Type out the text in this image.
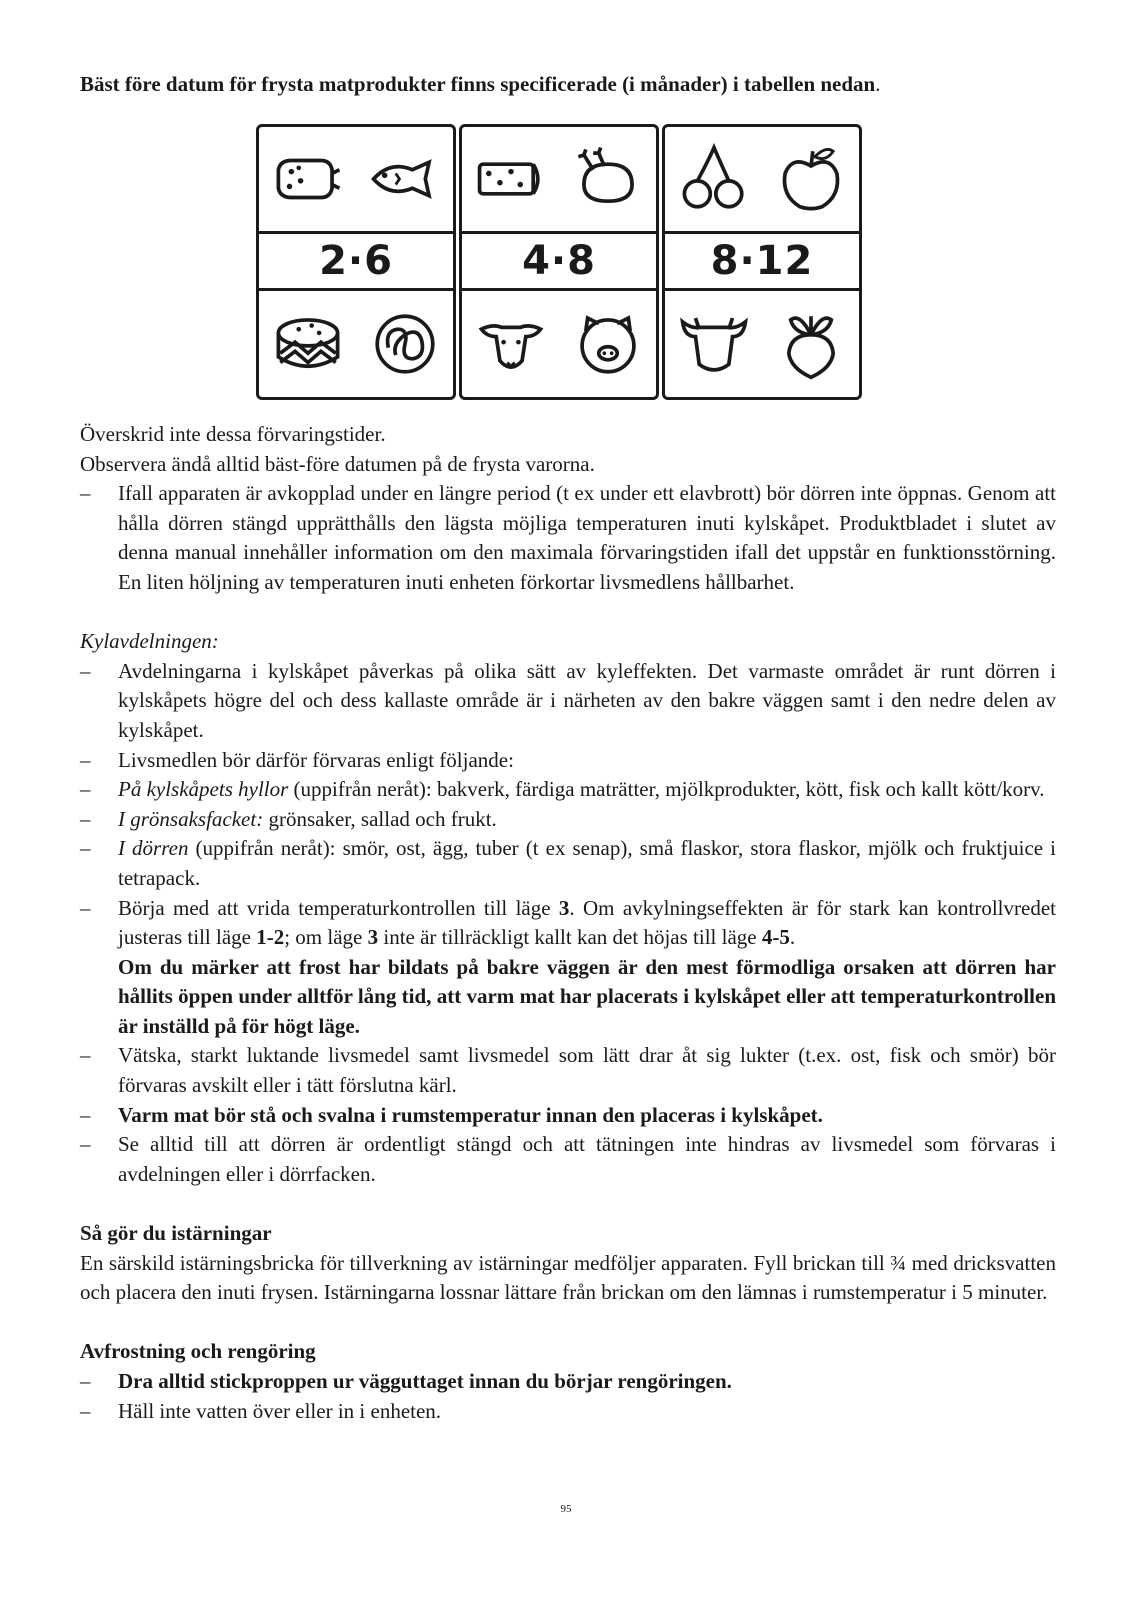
Bäst före datum för frysta matprodukter finns specificerade (i månader) i tabellen nedan.

2·6	4·8	8·12

Överskrid inte dessa förvaringstider.

Observera ändå alltid bäst-före datumen på de frysta varorna.

– Ifall apparaten är avkopplad under en längre period (t ex under ett elavbrott) bör dörren inte öppnas. Genom att hålla dörren stängd upprätthålls den lägsta möjliga temperaturen inuti kylskåpet. Produktbladet i slutet av denna manual innehåller information om den maximala förvaringstiden ifall det uppstår en funktionsstörning. En liten höljning av temperaturen inuti enheten förkortar livsmedlens hållbarhet.

Kylavdelningen:

– Avdelningarna i kylskåpet påverkas på olika sätt av kyleffekten. Det varmaste området är runt dörren i kylskåpets högre del och dess kallaste område är i närheten av den bakre väggen samt i den nedre delen av kylskåpet.
– Livsmedlen bör därför förvaras enligt följande:
– På kylskåpets hyllor (uppifrån neråt): bakverk, färdiga maträtter, mjölkprodukter, kött, fisk och kallt kött/korv.
– I grönsaksfacket: grönsaker, sallad och frukt.
– I dörren (uppifrån neråt): smör, ost, ägg, tuber (t ex senap), små flaskor, stora flaskor, mjölk och fruktjuice i tetrapack.
– Börja med att vrida temperaturkontrollen till läge 3. Om avkylningseffekten är för stark kan kontrollvredet justeras till läge 1-2; om läge 3 inte är tillräckligt kallt kan det höjas till läge 4-5.
Om du märker att frost har bildats på bakre väggen är den mest förmodliga orsaken att dörren har hållits öppen under alltför lång tid, att varm mat har placerats i kylskåpet eller att temperaturkontrollen är inställd på för högt läge.
– Vätska, starkt luktande livsmedel samt livsmedel som lätt drar åt sig lukter (t.ex. ost, fisk och smör) bör förvaras avskilt eller i tätt förslutna kärl.
– Varm mat bör stå och svalna i rumstemperatur innan den placeras i kylskåpet.
– Se alltid till att dörren är ordentligt stängd och att tätningen inte hindras av livsmedel som förvaras i avdelningen eller i dörrfacken.

Så gör du istärningar

En särskild istärningsbricka för tillverkning av istärningar medföljer apparaten. Fyll brickan till ¾ med dricksvatten och placera den inuti frysen. Istärningarna lossnar lättare från brickan om den lämnas i rumstemperatur i 5 minuter.

Avfrostning och rengöring

– Dra alltid stickproppen ur vägguttaget innan du börjar rengöringen.
– Häll inte vatten över eller in i enheten.
95
